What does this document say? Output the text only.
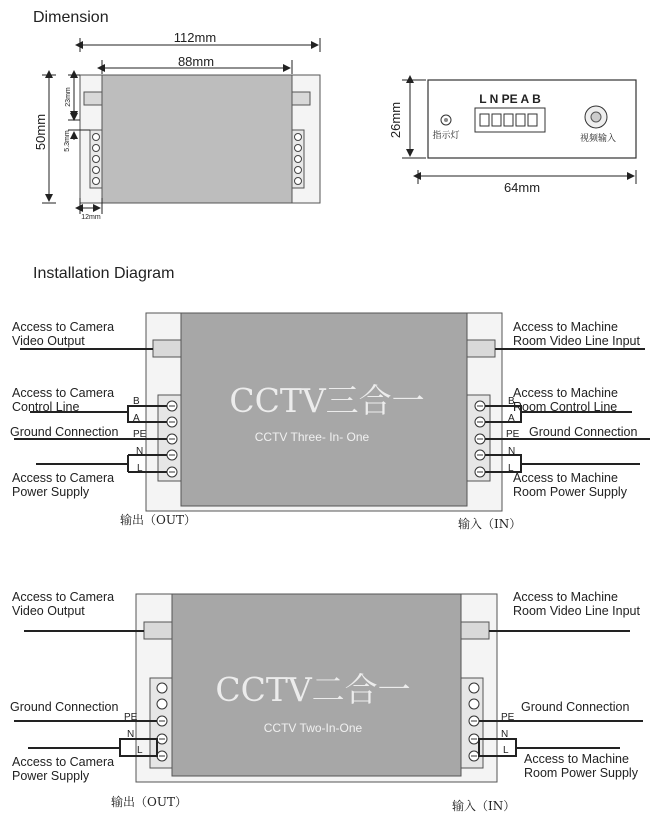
Dimension
112mm
88mm
50mm
23mm
5.3mm
12mm
26mm
64mm
指示灯
L N PE A B
视频输入
Installation Diagram
B
A
PE
N
L
B
A
PE
N
L
CCTV三合一
CCTV Three- In- One
Access to Camera
Video Output
Access to Camera
Control Line
Ground Connection
Access to Camera
Power Supply
Access to Machine
Room Video Line Input
Access to Machine
Room Control Line
Ground Connection
Access to Machine
Room Power Supply
输出（OUT）	输入（IN）
PE
N
L
PE
N
L
CCTV二合一
CCTV Two-In-One
Access to Camera
Video Output
Ground Connection
Access to Camera
Power Supply
Access to Machine
Room Video Line Input
Ground Connection
Access to Machine
Room Power Supply
输出（OUT）	输入（IN）
